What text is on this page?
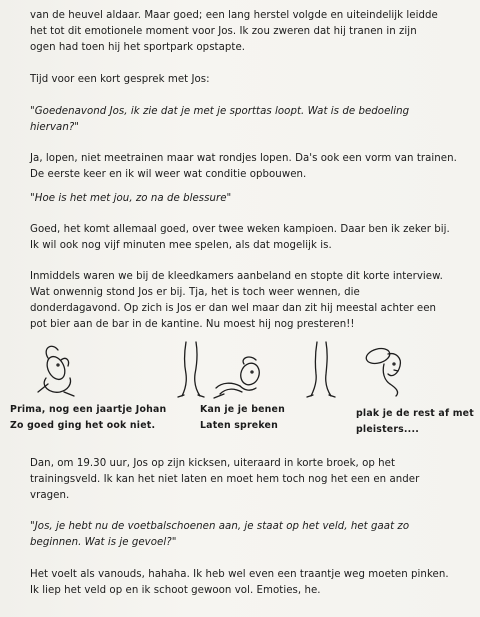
van de heuvel aldaar. Maar goed; een lang herstel volgde en uiteindelijk leidde
het tot dit emotionele moment voor Jos. Ik zou zweren dat hij tranen in zijn
ogen had toen hij het sportpark opstapte.

Tijd voor een kort gesprek met Jos:

"Goedenavond Jos, ik zie dat je met je sporttas loopt. Wat is de bedoeling
hiervan?"

Ja, lopen, niet meetrainen maar wat rondjes lopen. Da's ook een vorm van trainen.
De eerste keer en ik wil weer wat conditie opbouwen.

"Hoe is het met jou, zo na de blessure"

Goed, het komt allemaal goed, over twee weken kampioen. Daar ben ik zeker bij.
Ik wil ook nog vijf minuten mee spelen, als dat mogelijk is.

Inmiddels waren we bij de kleedkamers aanbeland en stopte dit korte interview.
Wat onwennig stond Jos er bij. Tja, het is toch weer wennen, die
donderdagavond. Op zich is Jos er dan wel maar dan zit hij meestal achter een
pot bier aan de bar in de kantine. Nu moest hij nog presteren!!

Prima, nog een jaartje Johan
Zo goed ging het ook niet.

Kan je je benen
Laten spreken

plak je de rest af met
pleisters....

Dan, om 19.30 uur, Jos op zijn kicksen, uiteraard in korte broek, op het
trainingsveld. Ik kan het niet laten en moet hem toch nog het een en ander
vragen.

"Jos, je hebt nu de voetbalschoenen aan, je staat op het veld, het gaat zo
beginnen. Wat is je gevoel?"

Het voelt als vanouds, hahaha. Ik heb wel even een traantje weg moeten pinken.
Ik liep het veld op en ik schoot gewoon vol. Emoties, he.
